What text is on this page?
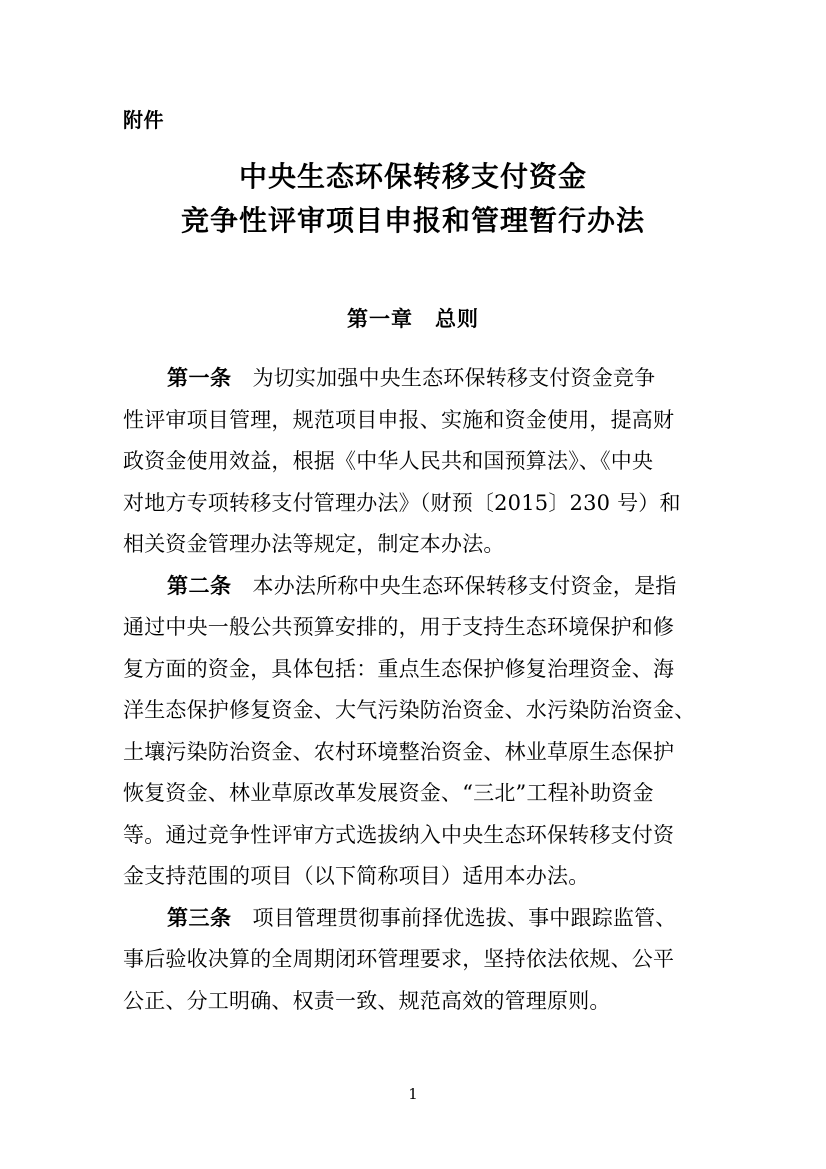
附件
中央生态环保转移支付资金
竞争性评审项目申报和管理暂行办法
第一章　总则

第一条 为切实加强中央生态环保转移支付资金竞争
性评审项目管理，规范项目申报、实施和资金使用，提高财
政资金使用效益，根据《中华人民共和国预算法》、《中央
对地方专项转移支付管理办法》（财预〔2015〕230 号）和
相关资金管理办法等规定，制定本办法。

第二条 本办法所称中央生态环保转移支付资金，是指
通过中央一般公共预算安排的，用于支持生态环境保护和修
复方面的资金，具体包括：重点生态保护修复治理资金、海
洋生态保护修复资金、大气污染防治资金、水污染防治资金、
土壤污染防治资金、农村环境整治资金、林业草原生态保护
恢复资金、林业草原改革发展资金、“三北”工程补助资金
等。通过竞争性评审方式选拔纳入中央生态环保转移支付资
金支持范围的项目（以下简称项目）适用本办法。

第三条 项目管理贯彻事前择优选拔、事中跟踪监管、
事后验收决算的全周期闭环管理要求，坚持依法依规、公平
公正、分工明确、权责一致、规范高效的管理原则。

1
